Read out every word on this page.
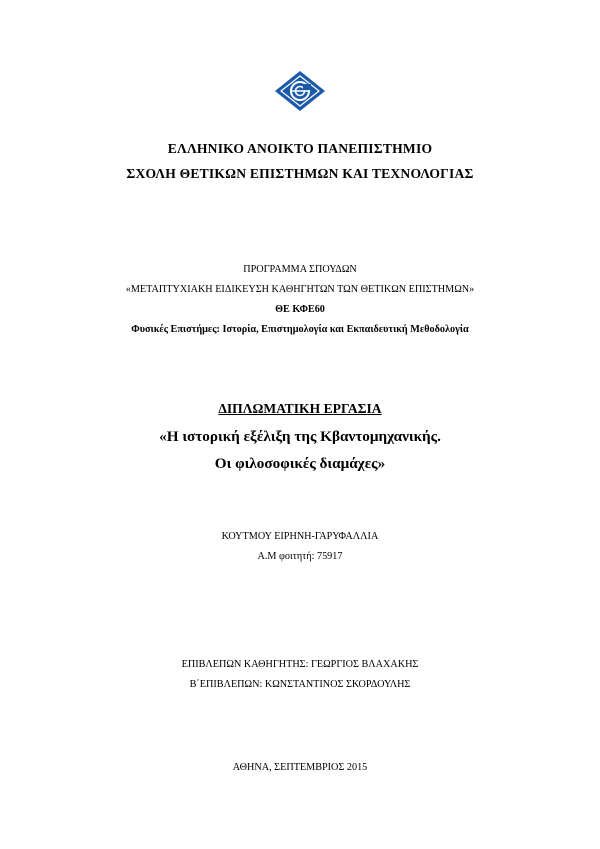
ΕΛΛΗΝΙΚΟ ΑΝΟΙΚΤΟ ΠΑΝΕΠΙΣΤΗΜΙΟ
ΣΧΟΛΗ ΘΕΤΙΚΩΝ ΕΠΙΣΤΗΜΩΝ ΚΑΙ ΤΕΧΝΟΛΟΓΙΑΣ
ΠΡΟΓΡΑΜΜΑ ΣΠΟΥΔΩΝ
«ΜΕΤΑΠΤΥΧΙΑΚΗ ΕΙΔΙΚΕΥΣΗ ΚΑΘΗΓΗΤΩΝ ΤΩΝ ΘΕΤΙΚΩΝ ΕΠΙΣΤΗΜΩΝ»
ΘΕ ΚΦΕ60
Φυσικές Επιστήμες: Ιστορία, Επιστημολογία και Εκπαιδευτική Μεθοδολογία
ΔΙΠΛΩΜΑΤΙΚΗ ΕΡΓΑΣΙΑ
«Η ιστορική εξέλιξη της Κβαντομηχανικής.
Οι φιλοσοφικές διαμάχες»
ΚΟΥΤΜΟΥ ΕΙΡΗΝΗ-ΓΑΡΥΦΑΛΛΙΑ
Α.Μ φοιτητή: 75917
ΕΠΙΒΛΕΠΩΝ ΚΑΘΗΓΗΤΗΣ: ΓΕΩΡΓΙΟΣ ΒΛΑΧΑΚΗΣ
Β΄ΕΠΙΒΛΕΠΩΝ: ΚΩΝΣΤΑΝΤΙΝΟΣ ΣΚΟΡΔΟΥΛΗΣ
ΑΘΗΝΑ, ΣΕΠΤΕΜΒΡΙΟΣ 2015
